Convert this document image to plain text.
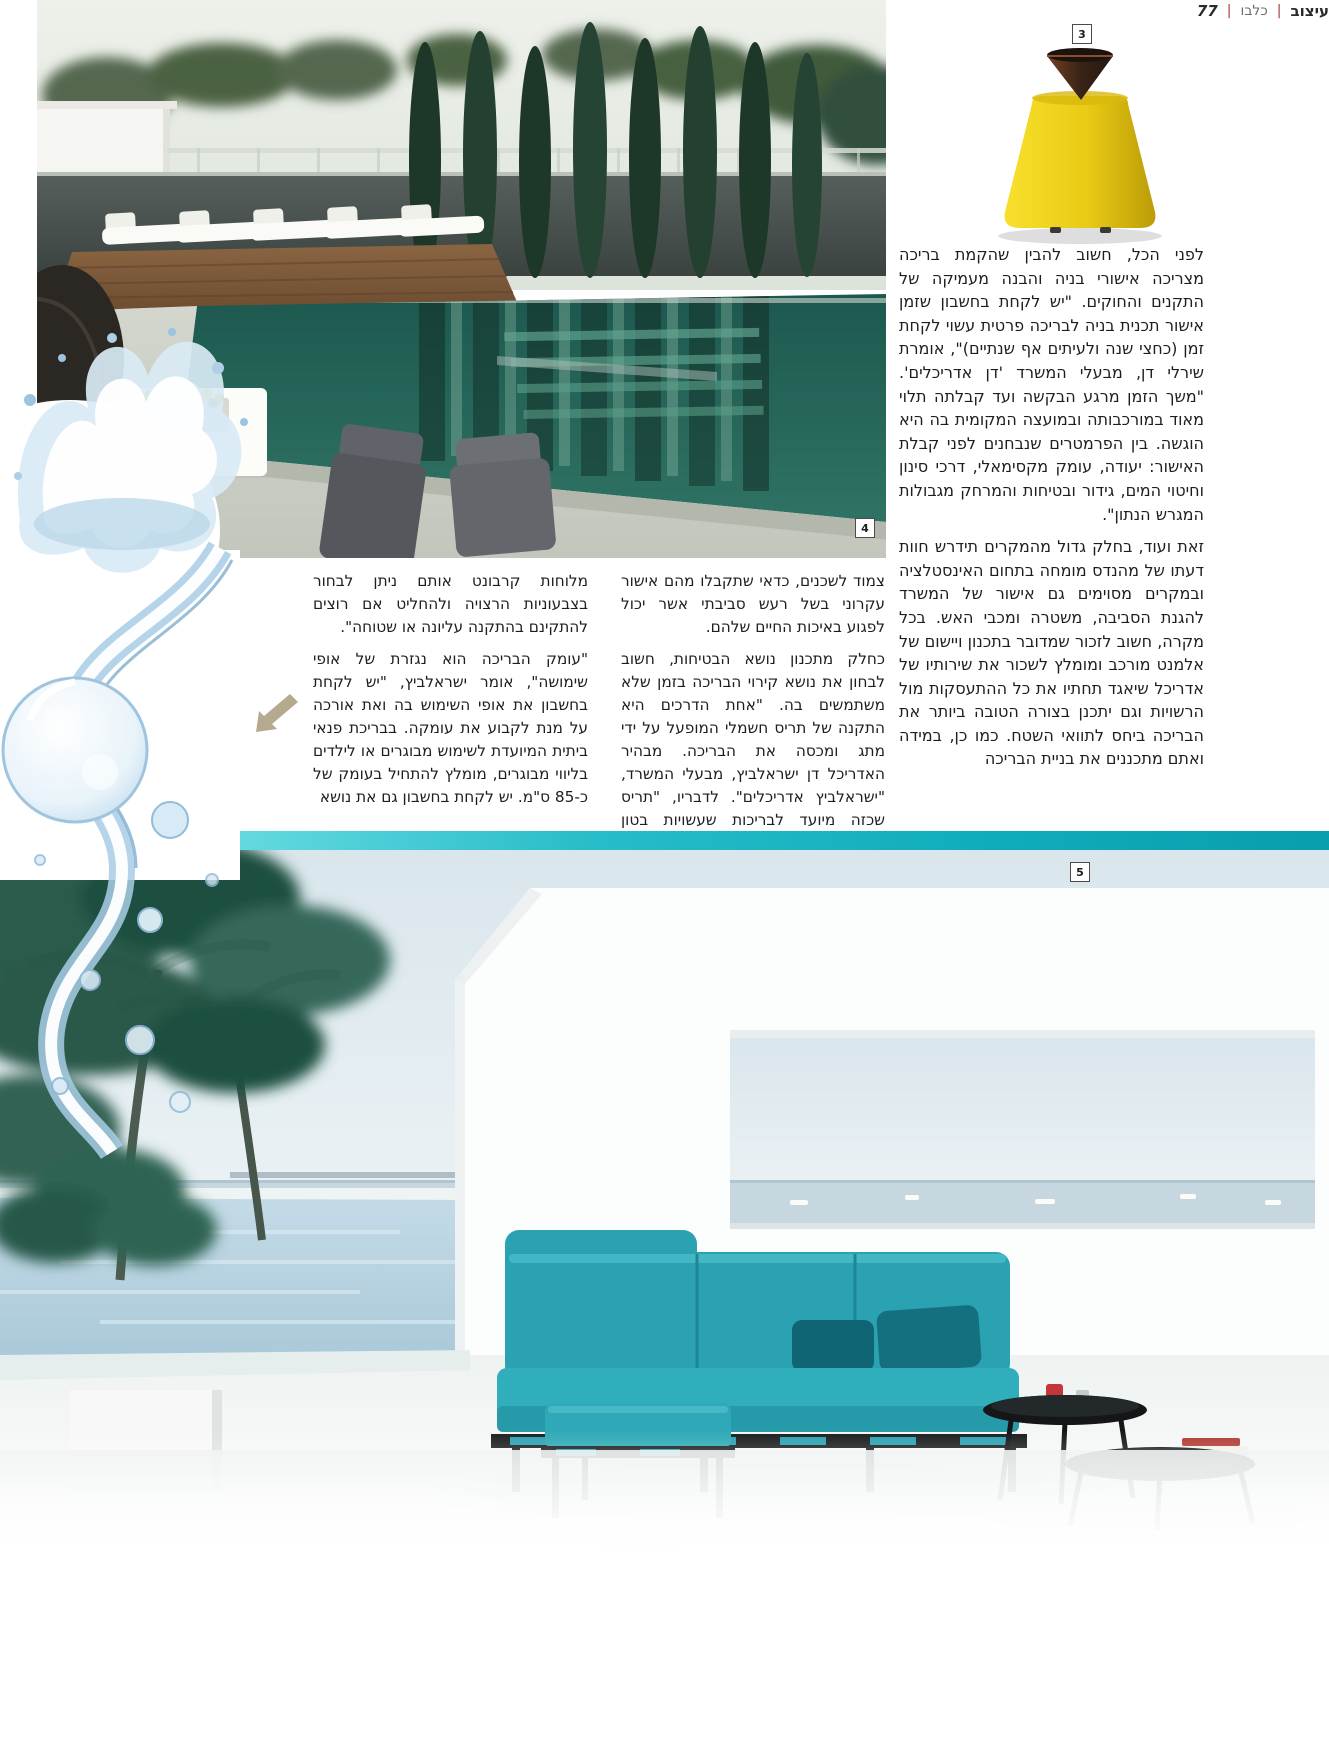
4
3

לפני הכל, חשוב להבין שהקמת בריכה מצריכה אישורי בניה והבנה מעמיקה של התקנים והחוקים. "יש לקחת בחשבון שזמן אישור תכנית בניה לבריכה פרטית עשוי לקחת זמן (כחצי שנה ולעיתים אף שנתיים)", אומרת שירלי דן, מבעלי המשרד 'דן אדריכלים'. "משך הזמן מרגע הבקשה ועד קבלתה תלוי מאוד במורכבותה ובמועצה המקומית בה היא הוגשה. בין הפרמטרים שנבחנים לפני קבלת האישור: יעודה, עומק מקסימאלי, דרכי סינון וחיטוי המים, גידור ובטיחות והמרחק מגבולות המגרש הנתון".

זאת ועוד, בחלק גדול מהמקרים תידרש חוות דעתו של מהנדס מומחה בתחום האינסטלציה ובמקרים מסוימים גם אישור של המשרד להגנת הסביבה, משטרה ומכבי האש. בכל מקרה, חשוב לזכור שמדובר בתכנון ויישום של אלמנט מורכב ומומלץ לשכור את שירותיו של אדריכל שיאגד תחתיו את כל ההתעסקות מול הרשויות וגם יתכנן בצורה הטובה ביותר את הבריכה ביחס לתוואי השטח. כמו כן, במידה ואתם מתכננים את בניית הבריכה

צמוד לשכנים, כדאי שתקבלו מהם אישור עקרוני בשל רעש סביבתי אשר יכול לפגוע באיכות החיים שלהם.

כחלק מתכנון נושא הבטיחות, חשוב לבחון את נושא קירוי הבריכה בזמן שלא משתמשים בה. "אחת הדרכים היא התקנה של תריס חשמלי המופעל על ידי מתג ומכסה את הבריכה. מבהיר האדריכל דן ישראלביץ, מבעלי המשרד, "ישראלביץ אדריכלים". לדבריו, "תריס שכזה מיועד לבריכות שעשויות בטון

מלוחות קרבונט אותם ניתן לבחור בצבעוניות הרצויה ולהחליט אם רוצים להתקינם בהתקנה עליונה או שטוחה".

"עומק הבריכה הוא נגזרת של אופי שימושה", אומר ישראלביץ, "יש לקחת בחשבון את אופי השימוש בה ואת אורכה על מנת לקבוע את עומקה. בבריכת פנאי ביתית המיועדת לשימוש מבוגרים או לילדים בליווי מבוגרים, מומלץ להתחיל בעומק של כ-85 ס"מ. יש לקחת בחשבון גם את נושא

5
עיצוב
|
כלבו
|
77
